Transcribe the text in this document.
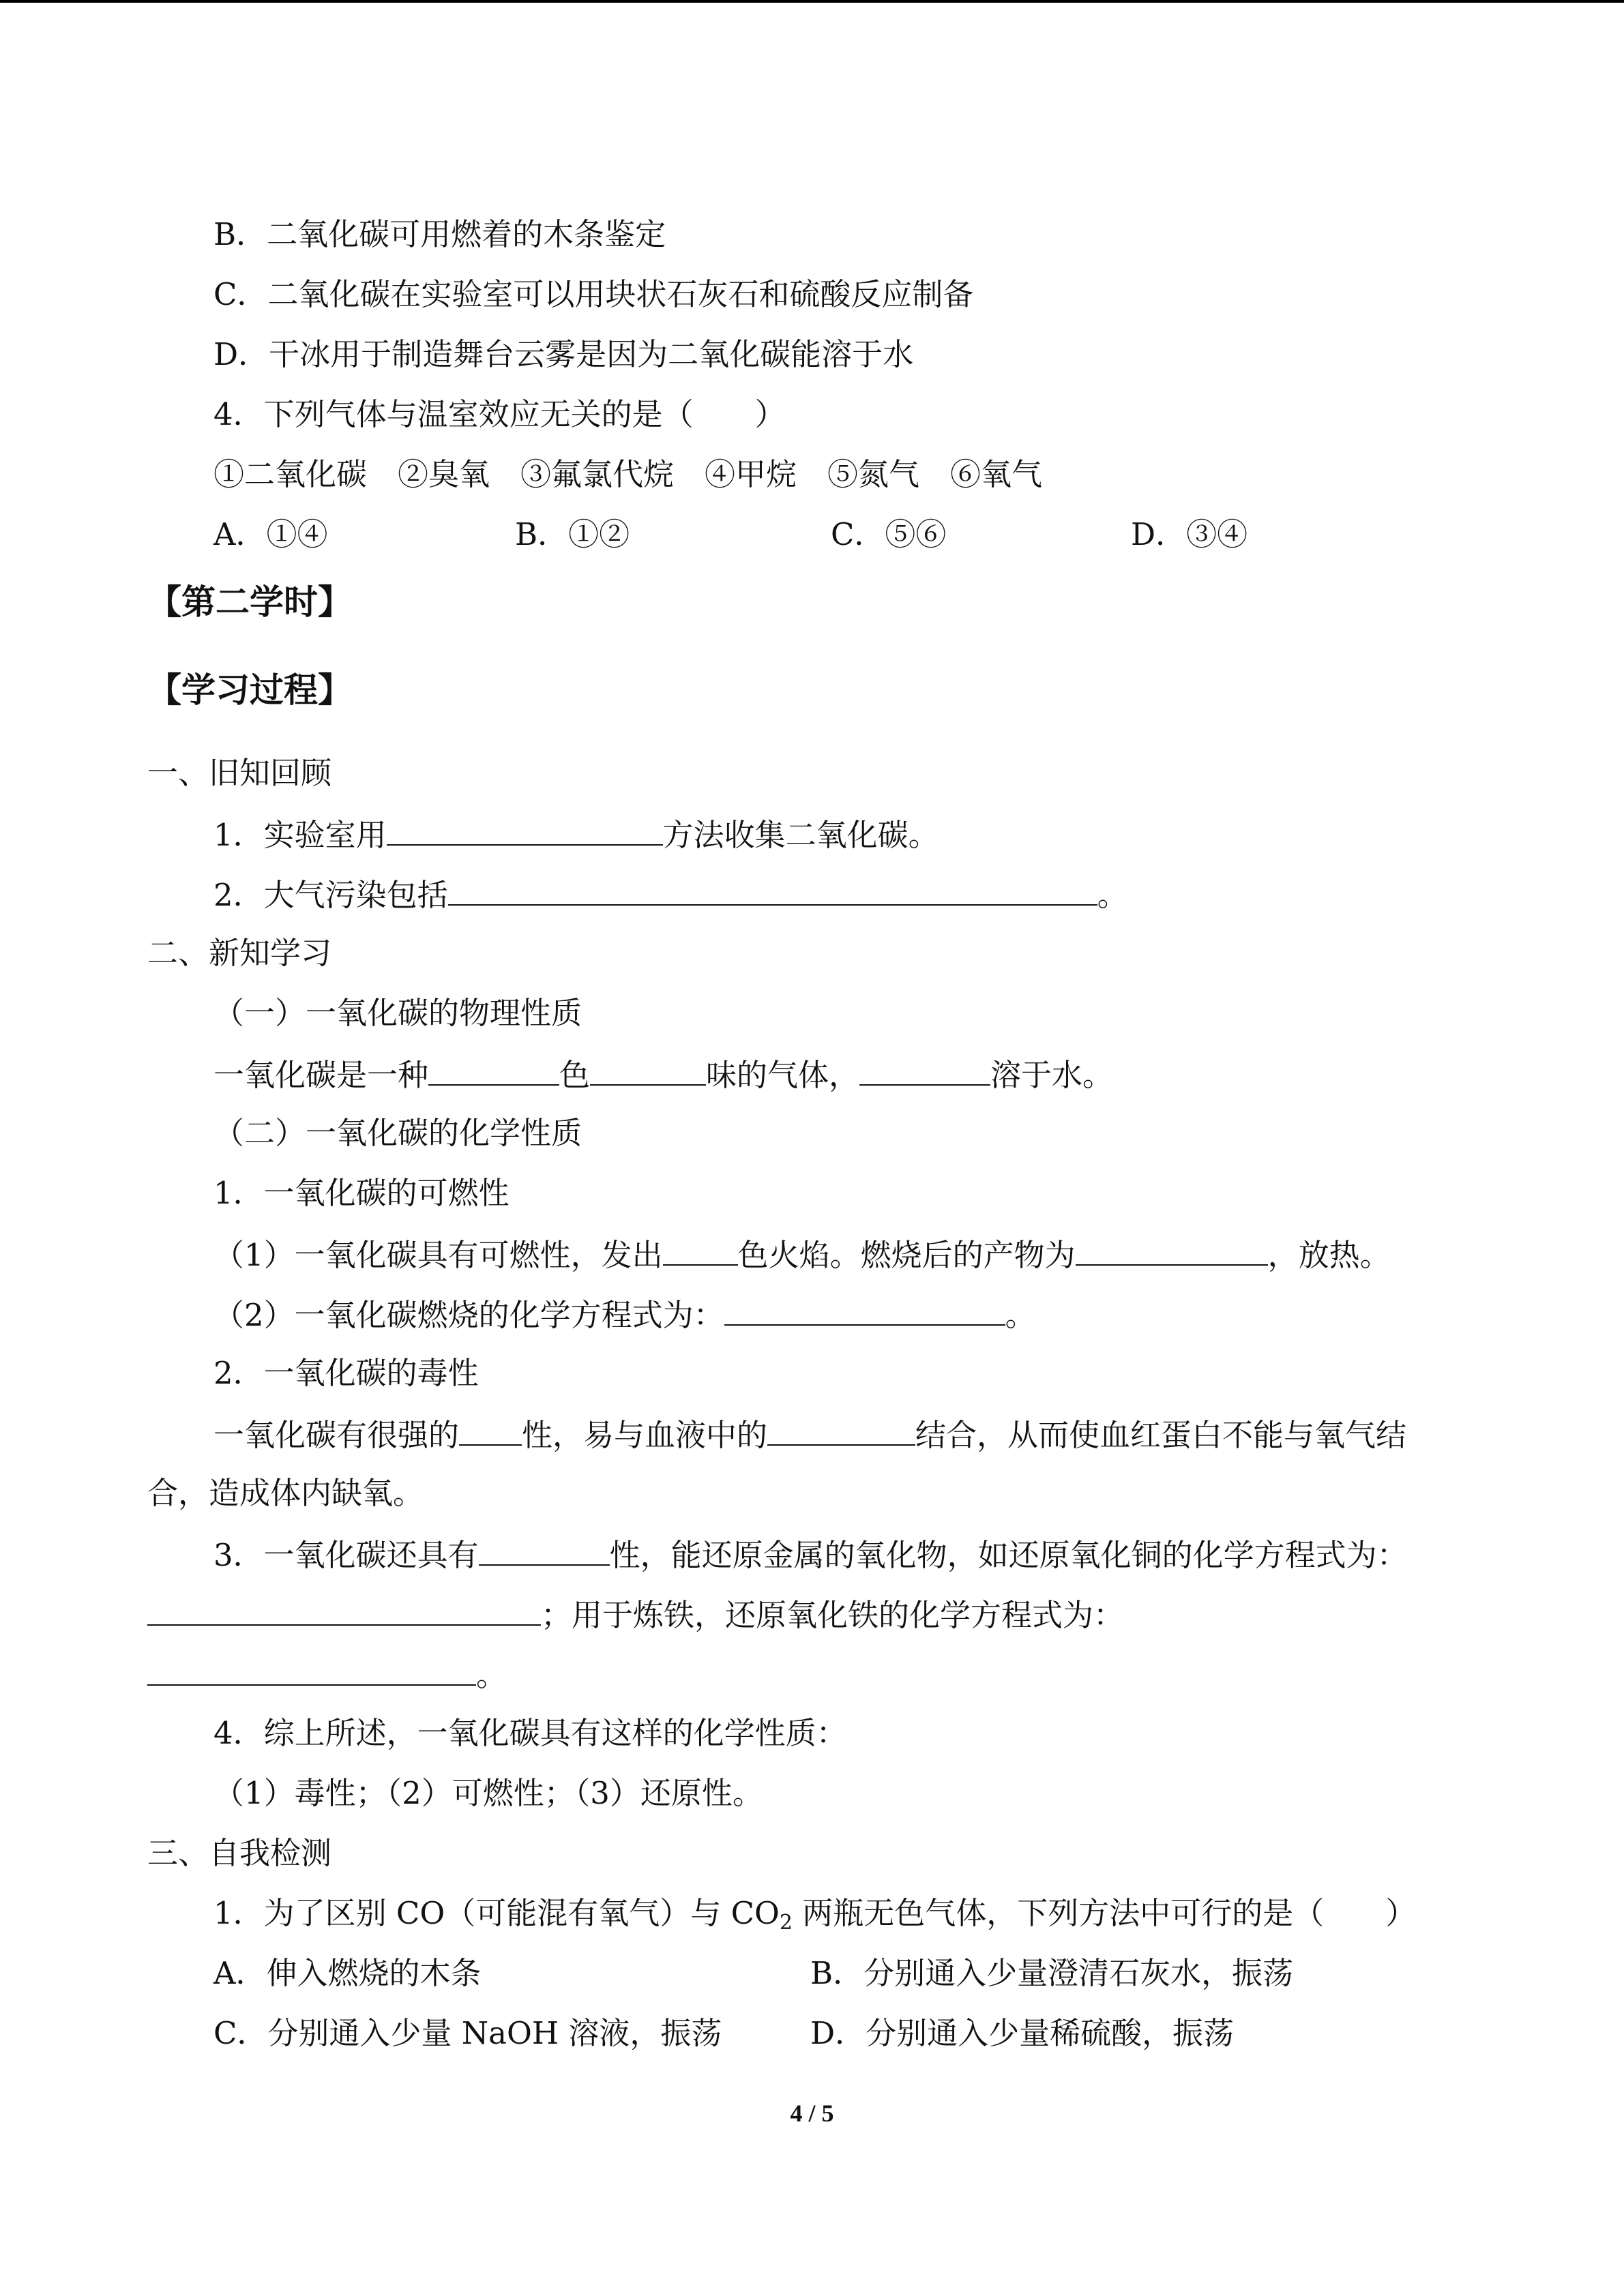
B．二氧化碳可用燃着的木条鉴定
C．二氧化碳在实验室可以用块状石灰石和硫酸反应制备
D．干冰用于制造舞台云雾是因为二氧化碳能溶于水
4．下列气体与温室效应无关的是（　　）
①二氧化碳　②臭氧　③氟氯代烷　④甲烷　⑤氮气　⑥氧气
A．①④	B．①②	C．⑤⑥	D．③④
【第二学时】
【学习过程】
一、旧知回顾
1．实验室用	方法收集二氧化碳。
2．大气污染包括	。
二、新知学习
（一）一氧化碳的物理性质
一氧化碳是一种	色	味的气体，	溶于水。
（二）一氧化碳的化学性质
1．一氧化碳的可燃性
（1）一氧化碳具有可燃性，发出 色火焰。燃烧后的产物为	，放热。
（2）一氧化碳燃烧的化学方程式为：	。
2．一氧化碳的毒性
一氧化碳有很强的 性，易与血液中的	结合，从而使血红蛋白不能与氧气结
合，造成体内缺氧。
3．一氧化碳还具有	性，能还原金属的氧化物，如还原氧化铜的化学方程式为：
；用于炼铁，还原氧化铁的化学方程式为：
。
4．综上所述，一氧化碳具有这样的化学性质：
（1）毒性；（2）可燃性；（3）还原性。
三、自我检测
1．为了区别 CO（可能混有氧气）与 $CO_2$ 两瓶无色气体，下列方法中可行的是（　　）
A．伸入燃烧的木条	B．分别通入少量澄清石灰水，振荡
C．分别通入少量 NaOH 溶液，振荡	D．分别通入少量稀硫酸，振荡
4 / 5
